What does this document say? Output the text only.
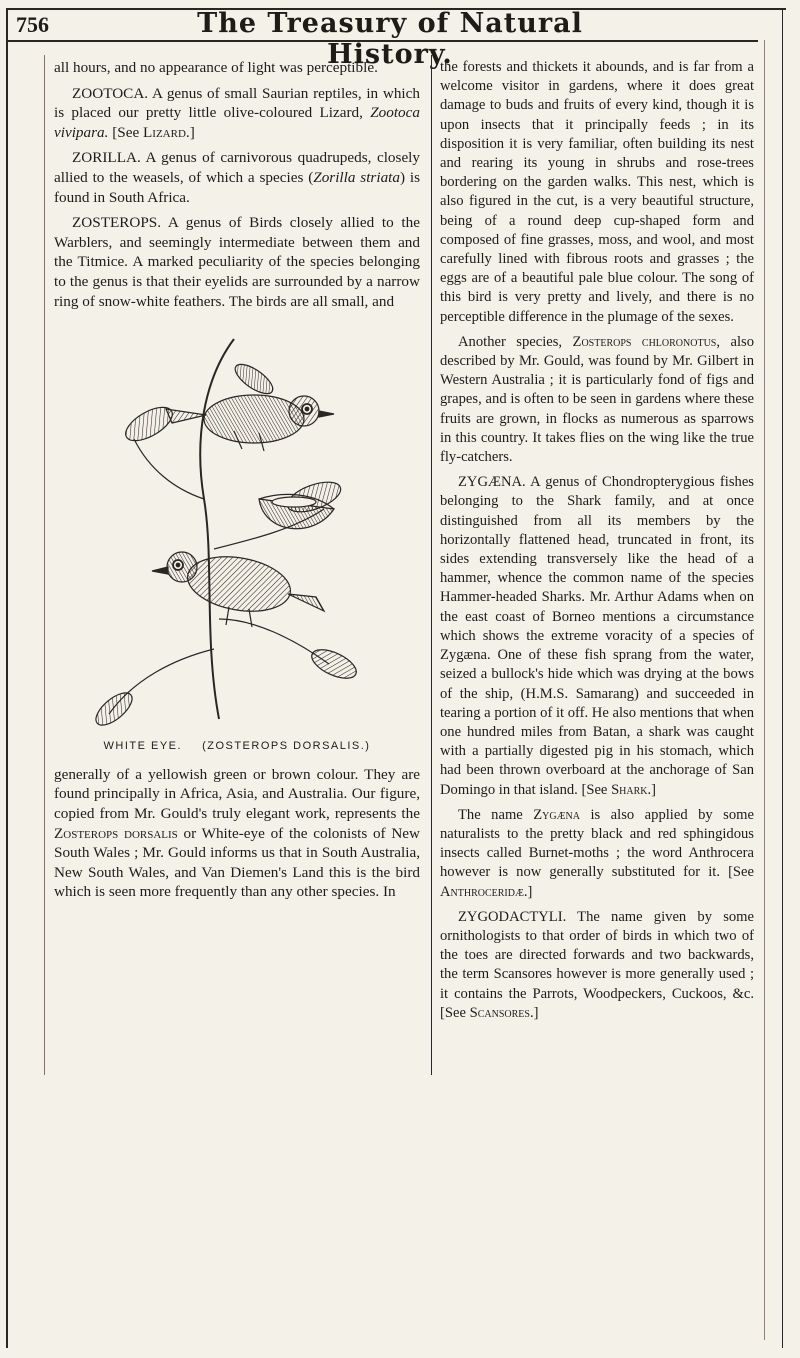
756	The Treasury of Natural History.

all hours, and no appearance of light was perceptible.

ZOOTOCA. A genus of small Saurian reptiles, in which is placed our pretty little olive-coloured Lizard, Zootoca vivipara. [See Lizard.]

ZORILLA. A genus of carnivorous quadrupeds, closely allied to the weasels, of which a species (Zorilla striata) is found in South Africa.

ZOSTEROPS. A genus of Birds closely allied to the Warblers, and seemingly intermediate between them and the Titmice. A marked peculiarity of the species belonging to the genus is that their eyelids are surrounded by a narrow ring of snow-white feathers. The birds are all small, and

WHITE EYE. (ZOSTEROPS DORSALIS.)

generally of a yellowish green or brown colour. They are found principally in Africa, Asia, and Australia. Our figure, copied from Mr. Gould's truly elegant work, represents the Zosterops dorsalis or White-eye of the colonists of New South Wales ; Mr. Gould informs us that in South Australia, New South Wales, and Van Diemen's Land this is the bird which is seen more frequently than any other species. In

the forests and thickets it abounds, and is far from a welcome visitor in gardens, where it does great damage to buds and fruits of every kind, though it is upon insects that it principally feeds ; in its disposition it is very familiar, often building its nest and rearing its young in shrubs and rose-trees bordering on the garden walks. This nest, which is also figured in the cut, is a very beautiful structure, being of a round deep cup-shaped form and composed of fine grasses, moss, and wool, and most carefully lined with fibrous roots and grasses ; the eggs are of a beautiful pale blue colour. The song of this bird is very pretty and lively, and there is no perceptible difference in the plumage of the sexes.

Another species, Zosterops chloronotus, also described by Mr. Gould, was found by Mr. Gilbert in Western Australia ; it is particularly fond of figs and grapes, and is often to be seen in gardens where these fruits are grown, in flocks as numerous as sparrows in this country. It takes flies on the wing like the true fly-catchers.

ZYGÆNA. A genus of Chondropterygious fishes belonging to the Shark family, and at once distinguished from all its members by the horizontally flattened head, truncated in front, its sides extending transversely like the head of a hammer, whence the common name of the species Hammer-headed Sharks. Mr. Arthur Adams when on the east coast of Borneo mentions a circumstance which shows the extreme voracity of a species of Zygæna. One of these fish sprang from the water, seized a bullock's hide which was drying at the bows of the ship, (H.M.S. Samarang) and succeeded in tearing a portion of it off. He also mentions that when one hundred miles from Batan, a shark was caught with a partially digested pig in his stomach, which had been thrown overboard at the anchorage of San Domingo in that island. [See Shark.]

The name Zygæna is also applied by some naturalists to the pretty black and red sphingidous insects called Burnet-moths ; the word Anthrocera however is now generally substituted for it. [See Anthroceridæ.]

ZYGODACTYLI. The name given by some ornithologists to that order of birds in which two of the toes are directed forwards and two backwards, the term Scansores however is more generally used ; it contains the Parrots, Woodpeckers, Cuckoos, &c. [See Scansores.]
